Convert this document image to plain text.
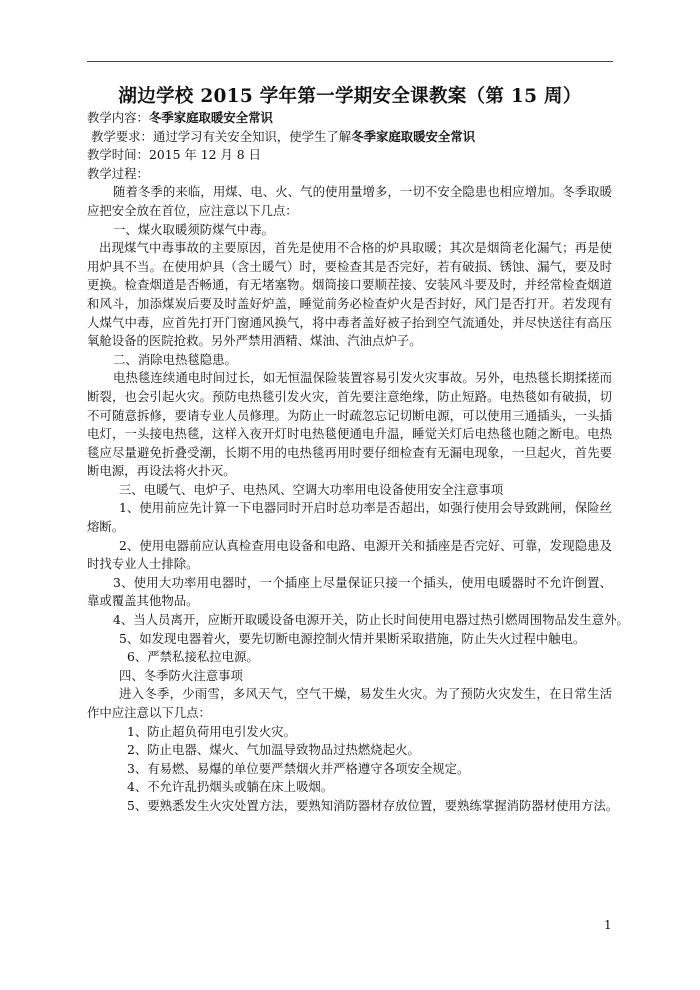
湖边学校 2015 学年第一学期安全课教案（第 15 周）
教学内容：冬季家庭取暖安全常识
教学要求：通过学习有关安全知识，使学生了解冬季家庭取暖安全常识
教学时间：2015 年 12 月 8 日
教学过程：
随着冬季的来临，用煤、电、火、气的使用量增多，一切不安全隐患也相应增加。冬季取暖
应把安全放在首位，应注意以下几点：
一、煤火取暖须防煤气中毒。
出现煤气中毒事故的主要原因，首先是使用不合格的炉具取暖；其次是烟筒老化漏气；再是使
用炉具不当。在使用炉具（含土暖气）时，要检查其是否完好，若有破损、锈蚀、漏气，要及时
更换。检查烟道是否畅通，有无堵塞物。烟筒接口要顺茬接、安装风斗要及时，并经常检查烟道
和风斗，加添煤炭后要及时盖好炉盖，睡觉前务必检查炉火是否封好，风门是否打开。若发现有
人煤气中毒，应首先打开门窗通风换气，将中毒者盖好被子抬到空气流通处，并尽快送往有高压
氧舱设备的医院抢救。另外严禁用酒精、煤油、汽油点炉子。
二、消除电热毯隐患。
电热毯连续通电时间过长，如无恒温保险装置容易引发火灾事故。另外，电热毯长期揉搓而
断裂，也会引起火灾。预防电热毯引发火灾，首先要注意绝缘，防止短路。电热毯如有破损，切
不可随意拆修，要请专业人员修理。为防止一时疏忽忘记切断电源，可以使用三通插头，一头插
电灯，一头接电热毯，这样入夜开灯时电热毯便通电升温，睡觉关灯后电热毯也随之断电。电热
毯应尽量避免折叠受潮，长期不用的电热毯再用时要仔细检查有无漏电现象，一旦起火，首先要
断电源，再设法将火扑灭。
三、电暖气、电炉子、电热风、空调大功率用电设备使用安全注意事项
1、使用前应先计算一下电器同时开启时总功率是否超出，如强行使用会导致跳闸，保险丝
熔断。
2、使用电器前应认真检查用电设备和电路、电源开关和插座是否完好、可靠，发现隐患及
时找专业人士排除。
3、使用大功率用电器时，一个插座上尽量保证只接一个插头，使用电暖器时不允许倒置、
靠或覆盖其他物品。
4、当人员离开，应断开取暖设备电源开关，防止长时间使用电器过热引燃周围物品发生意外。
5、如发现电器着火，要先切断电源控制火情并果断采取措施，防止失火过程中触电。
6、严禁私接私拉电源。
四、冬季防火注意事项
进入冬季，少雨雪，多风天气，空气干燥，易发生火灾。为了预防火灾发生，在日常生活
作中应注意以下几点：
1、防止超负荷用电引发火灾。
2、防止电器、煤火、气加温导致物品过热燃烧起火。
3、有易燃、易爆的单位要严禁烟火并严格遵守各项安全规定。
4、不允许乱扔烟头或躺在床上吸烟。
5、要熟悉发生火灾处置方法，要熟知消防器材存放位置，要熟练掌握消防器材使用方法。
1
